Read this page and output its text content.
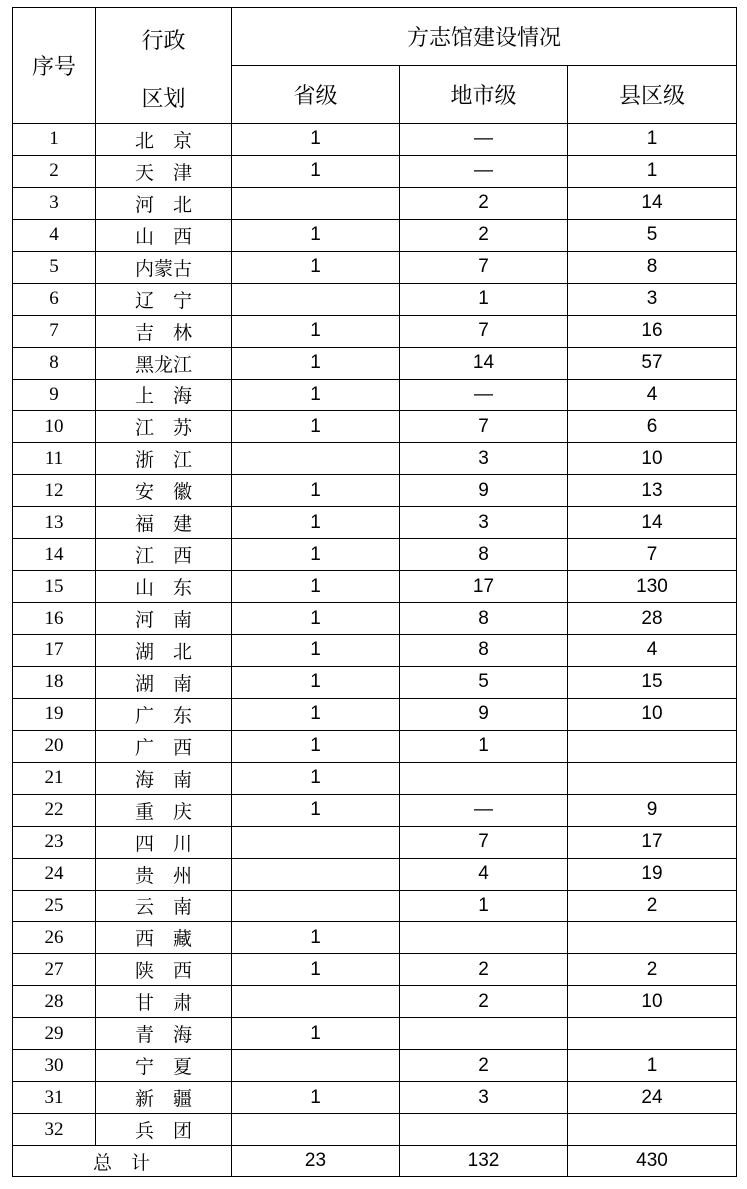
序号	行政
区划	方志馆建设情况		
		省级	地市级	县区级
1	北　京	1	—	1
2	天　津	1	—	1
3	河　北		2	14
4	山　西	1	2	5
5	内蒙古	1	7	8
6	辽　宁		1	3
7	吉　林	1	7	16
8	黑龙江	1	14	57
9	上　海	1	—	4
10	江　苏	1	7	6
11	浙　江		3	10
12	安　徽	1	9	13
13	福　建	1	3	14
14	江　西	1	8	7
15	山　东	1	17	130
16	河　南	1	8	28
17	湖　北	1	8	4
18	湖　南	1	5	15
19	广　东	1	9	10
20	广　西	1	1	
21	海　南	1		
22	重　庆	1	—	9
23	四　川		7	17
24	贵　州		4	19
25	云　南		1	2
26	西　藏	1		
27	陕　西	1	2	2
28	甘　肃		2	10
29	青　海	1		
30	宁　夏		2	1
31	新　疆	1	3	24
32	兵　团			
总　计		23	132	430
